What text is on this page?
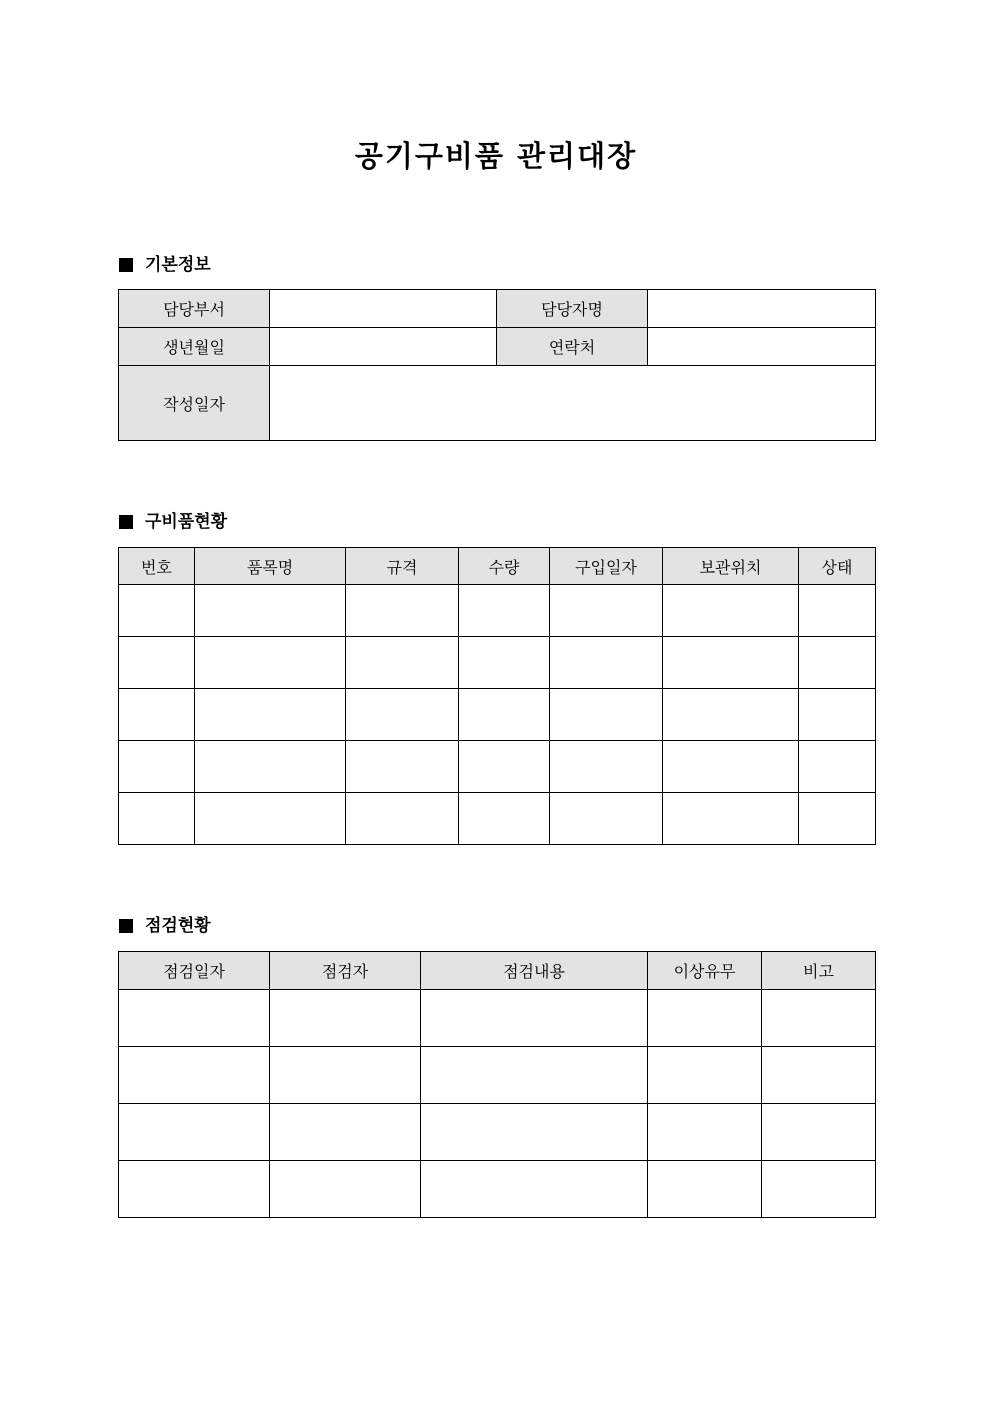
공기구비품 관리대장
기본정보
담당부서		담당자명	
생년월일		연락처	
작성일자			
구비품현황
번호	품목명	규격	수량	구입일자	보관위치	상태

점검현황
점검일자	점검자	점검내용	이상유무	비고
